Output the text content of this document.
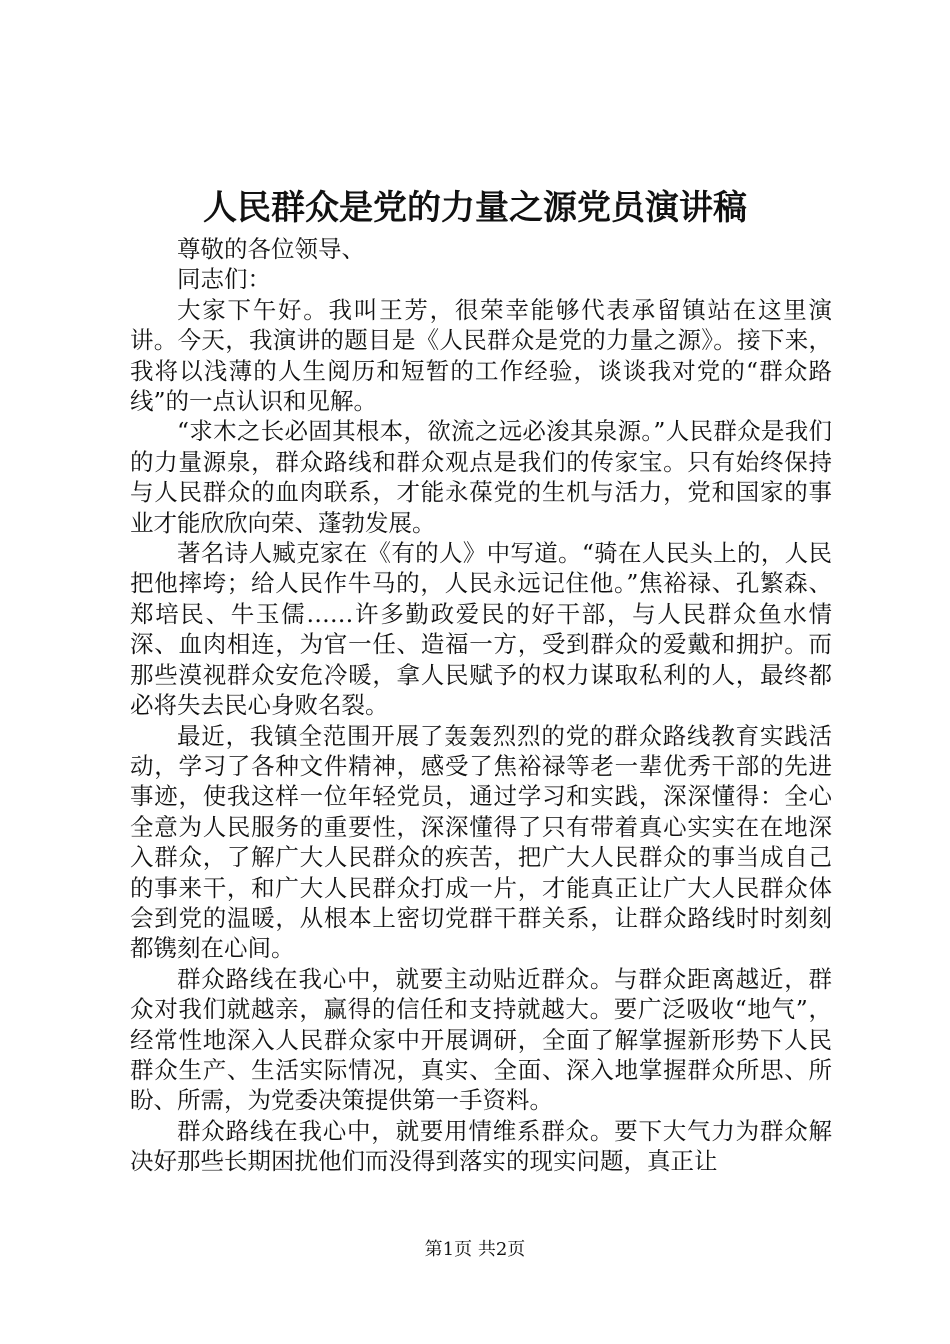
人民群众是党的力量之源党员演讲稿

尊敬的各位领导、

同志们：

大家下午好。我叫王芳，很荣幸能够代表承留镇站在这里演讲。今天，我演讲的题目是《人民群众是党的力量之源》。接下来，我将以浅薄的人生阅历和短暂的工作经验，谈谈我对党的“群众路线”的一点认识和见解。

“求木之长必固其根本，欲流之远必浚其泉源。”人民群众是我们的力量源泉，群众路线和群众观点是我们的传家宝。只有始终保持与人民群众的血肉联系，才能永葆党的生机与活力，党和国家的事业才能欣欣向荣、蓬勃发展。

著名诗人臧克家在《有的人》中写道。“骑在人民头上的，人民把他摔垮；给人民作牛马的，人民永远记住他。”焦裕禄、孔繁森、郑培民、牛玉儒……许多勤政爱民的好干部，与人民群众鱼水情深、血肉相连，为官一任、造福一方，受到群众的爱戴和拥护。而那些漠视群众安危冷暖，拿人民赋予的权力谋取私利的人，最终都必将失去民心身败名裂。

最近，我镇全范围开展了轰轰烈烈的党的群众路线教育实践活动，学习了各种文件精神，感受了焦裕禄等老一辈优秀干部的先进事迹，使我这样一位年轻党员，通过学习和实践，深深懂得：全心全意为人民服务的重要性，深深懂得了只有带着真心实实在在地深入群众，了解广大人民群众的疾苦，把广大人民群众的事当成自己的事来干，和广大人民群众打成一片，才能真正让广大人民群众体会到党的温暖，从根本上密切党群干群关系，让群众路线时时刻刻都镌刻在心间。

群众路线在我心中，就要主动贴近群众。与群众距离越近，群众对我们就越亲，赢得的信任和支持就越大。要广泛吸收“地气”，经常性地深入人民群众家中开展调研，全面了解掌握新形势下人民群众生产、生活实际情况，真实、全面、深入地掌握群众所思、所盼、所需，为党委决策提供第一手资料。

群众路线在我心中，就要用情维系群众。要下大气力为群众解决好那些长期困扰他们而没得到落实的现实问题，真正让

第1页 共2页
